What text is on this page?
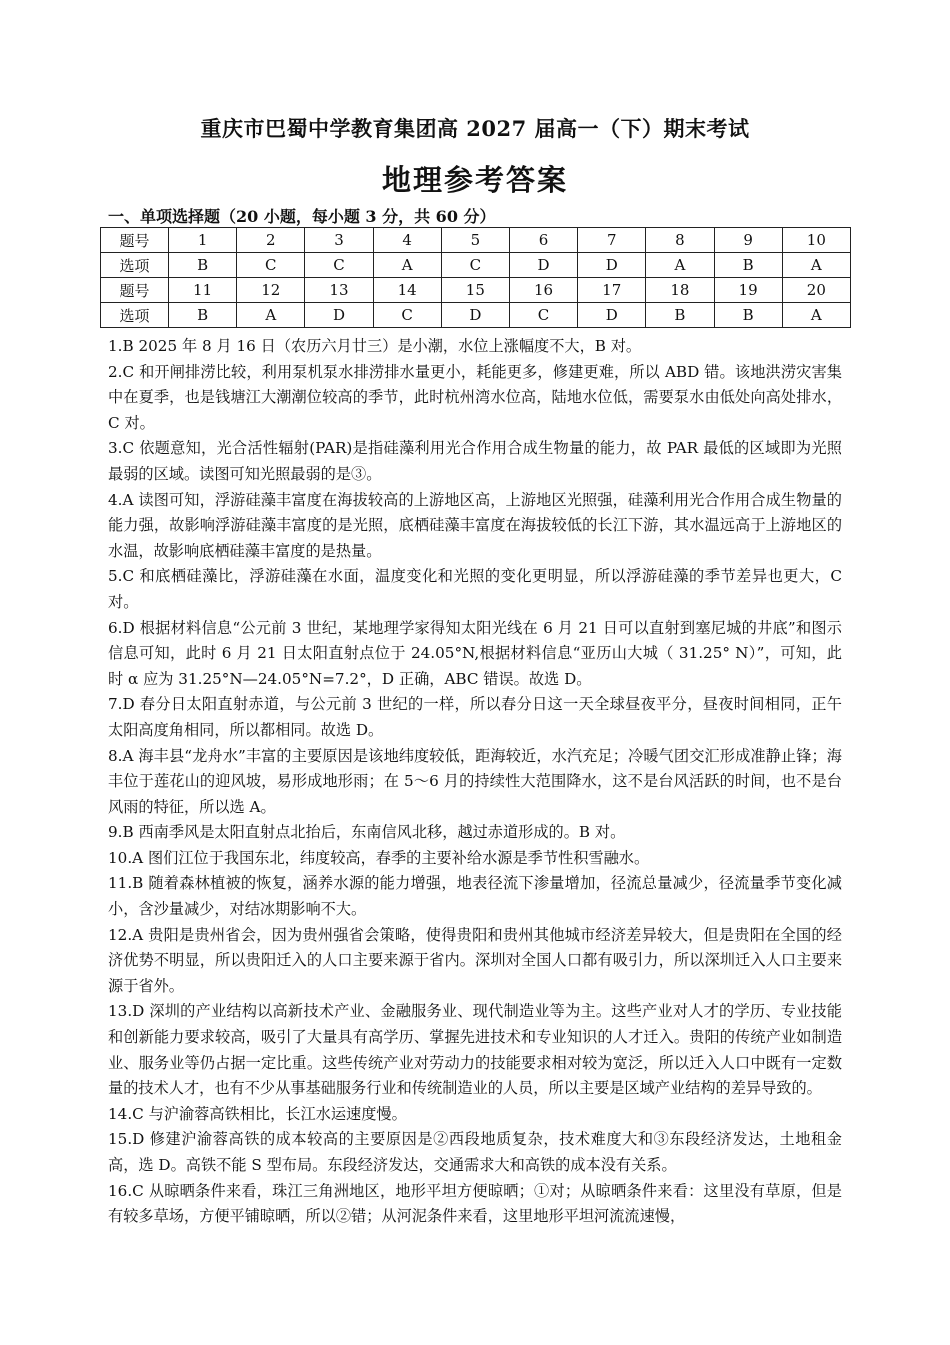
重庆市巴蜀中学教育集团高 2027 届高一（下）期末考试
地理参考答案
一、单项选择题（20 小题，每小题 3 分，共 60 分）
题号	1	2	3	4	5	6	7	8	9	10
选项	B	C	C	A	C	D	D	A	B	A
题号	11	12	13	14	15	16	17	18	19	20
选项	B	A	D	C	D	C	D	B	B	A

1.B 2025 年 8 月 16 日（农历六月廿三）是小潮，水位上涨幅度不大，B 对。

2.C 和开闸排涝比较，利用泵机泵水排涝排水量更小，耗能更多，修建更难，所以 ABD 错。该地洪涝灾害集中在夏季，也是钱塘江大潮潮位较高的季节，此时杭州湾水位高，陆地水位低，需要泵水由低处向高处排水，C 对。

3.C 依题意知，光合活性辐射(PAR)是指硅藻利用光合作用合成生物量的能力，故 PAR 最低的区域即为光照最弱的区域。读图可知光照最弱的是③。

4.A 读图可知，浮游硅藻丰富度在海拔较高的上游地区高，上游地区光照强，硅藻利用光合作用合成生物量的能力强，故影响浮游硅藻丰富度的是光照，底栖硅藻丰富度在海拔较低的长江下游，其水温远高于上游地区的水温，故影响底栖硅藻丰富度的是热量。

5.C 和底栖硅藻比，浮游硅藻在水面，温度变化和光照的变化更明显，所以浮游硅藻的季节差异也更大，C 对。

6.D 根据材料信息“公元前 3 世纪，某地理学家得知太阳光线在 6 月 21 日可以直射到塞尼城的井底”和图示信息可知，此时 6 月 21 日太阳直射点位于 24.05°N,根据材料信息“亚历山大城（ 31.25° N）”，可知，此时 α 应为 31.25°N—24.05°N=7.2°，D 正确，ABC 错误。故选 D。

7.D 春分日太阳直射赤道，与公元前 3 世纪的一样，所以春分日这一天全球昼夜平分，昼夜时间相同，正午太阳高度角相同，所以都相同。故选 D。

8.A 海丰县“龙舟水”丰富的主要原因是该地纬度较低，距海较近，水汽充足；冷暖气团交汇形成准静止锋；海丰位于莲花山的迎风坡，易形成地形雨；在 5～6 月的持续性大范围降水，这不是台风活跃的时间，也不是台风雨的特征，所以选 A。

9.B 西南季风是太阳直射点北抬后，东南信风北移，越过赤道形成的。B 对。

10.A 图们江位于我国东北，纬度较高，春季的主要补给水源是季节性积雪融水。

11.B 随着森林植被的恢复，涵养水源的能力增强，地表径流下渗量增加，径流总量减少，径流量季节变化减小，含沙量减少，对结冰期影响不大。

12.A 贵阳是贵州省会，因为贵州强省会策略，使得贵阳和贵州其他城市经济差异较大，但是贵阳在全国的经济优势不明显，所以贵阳迁入的人口主要来源于省内。深圳对全国人口都有吸引力，所以深圳迁入人口主要来源于省外。

13.D 深圳的产业结构以高新技术产业、金融服务业、现代制造业等为主。这些产业对人才的学历、专业技能和创新能力要求较高，吸引了大量具有高学历、掌握先进技术和专业知识的人才迁入。贵阳的传统产业如制造业、服务业等仍占据一定比重。这些传统产业对劳动力的技能要求相对较为宽泛，所以迁入人口中既有一定数量的技术人才，也有不少从事基础服务行业和传统制造业的人员，所以主要是区域产业结构的差异导致的。

14.C 与沪渝蓉高铁相比，长江水运速度慢。

15.D 修建沪渝蓉高铁的成本较高的主要原因是②西段地质复杂，技术难度大和③东段经济发达，土地租金高，选 D。高铁不能 S 型布局。东段经济发达，交通需求大和高铁的成本没有关系。

16.C 从晾晒条件来看，珠江三角洲地区，地形平坦方便晾晒；①对；从晾晒条件来看：这里没有草原，但是有较多草场，方便平铺晾晒，所以②错；从河泥条件来看，这里地形平坦河流流速慢，
